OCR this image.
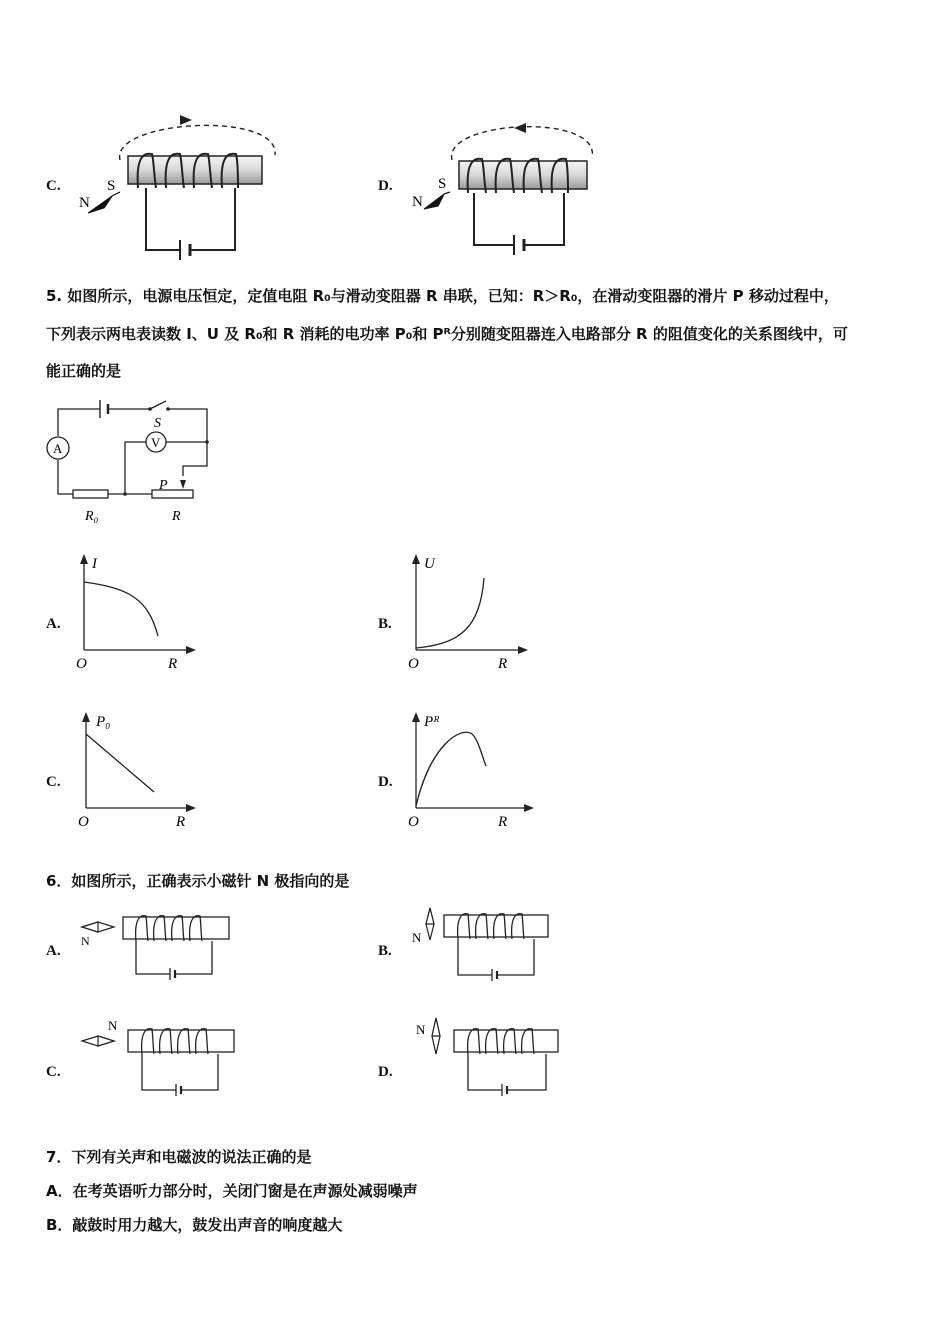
C.	S
N
D.	S
N
5. 如图所示，电源电压恒定，定值电阻 R₀与滑动变阻器 R 串联，已知：R＞R₀，在滑动变阻器的滑片 P 移动过程中，
下列表示两电表读数 I、U 及 R₀和 R 消耗的电功率 P₀和 Pᴿ分别随变阻器连入电路部分 R 的阻值变化的关系图线中，可
能正确的是
A	V
S
P
R₀	R
A.
I
O	R
B.
U
O	R
C.
P₀
O	R
D.
Pᴿ
O	R
6．如图所示，正确表示小磁针 N 极指向的是
A.
N
B.
N
C.
N
D.
N
7．下列有关声和电磁波的说法正确的是
A．在考英语听力部分时，关闭门窗是在声源处减弱噪声
B．敲鼓时用力越大，鼓发出声音的响度越大
